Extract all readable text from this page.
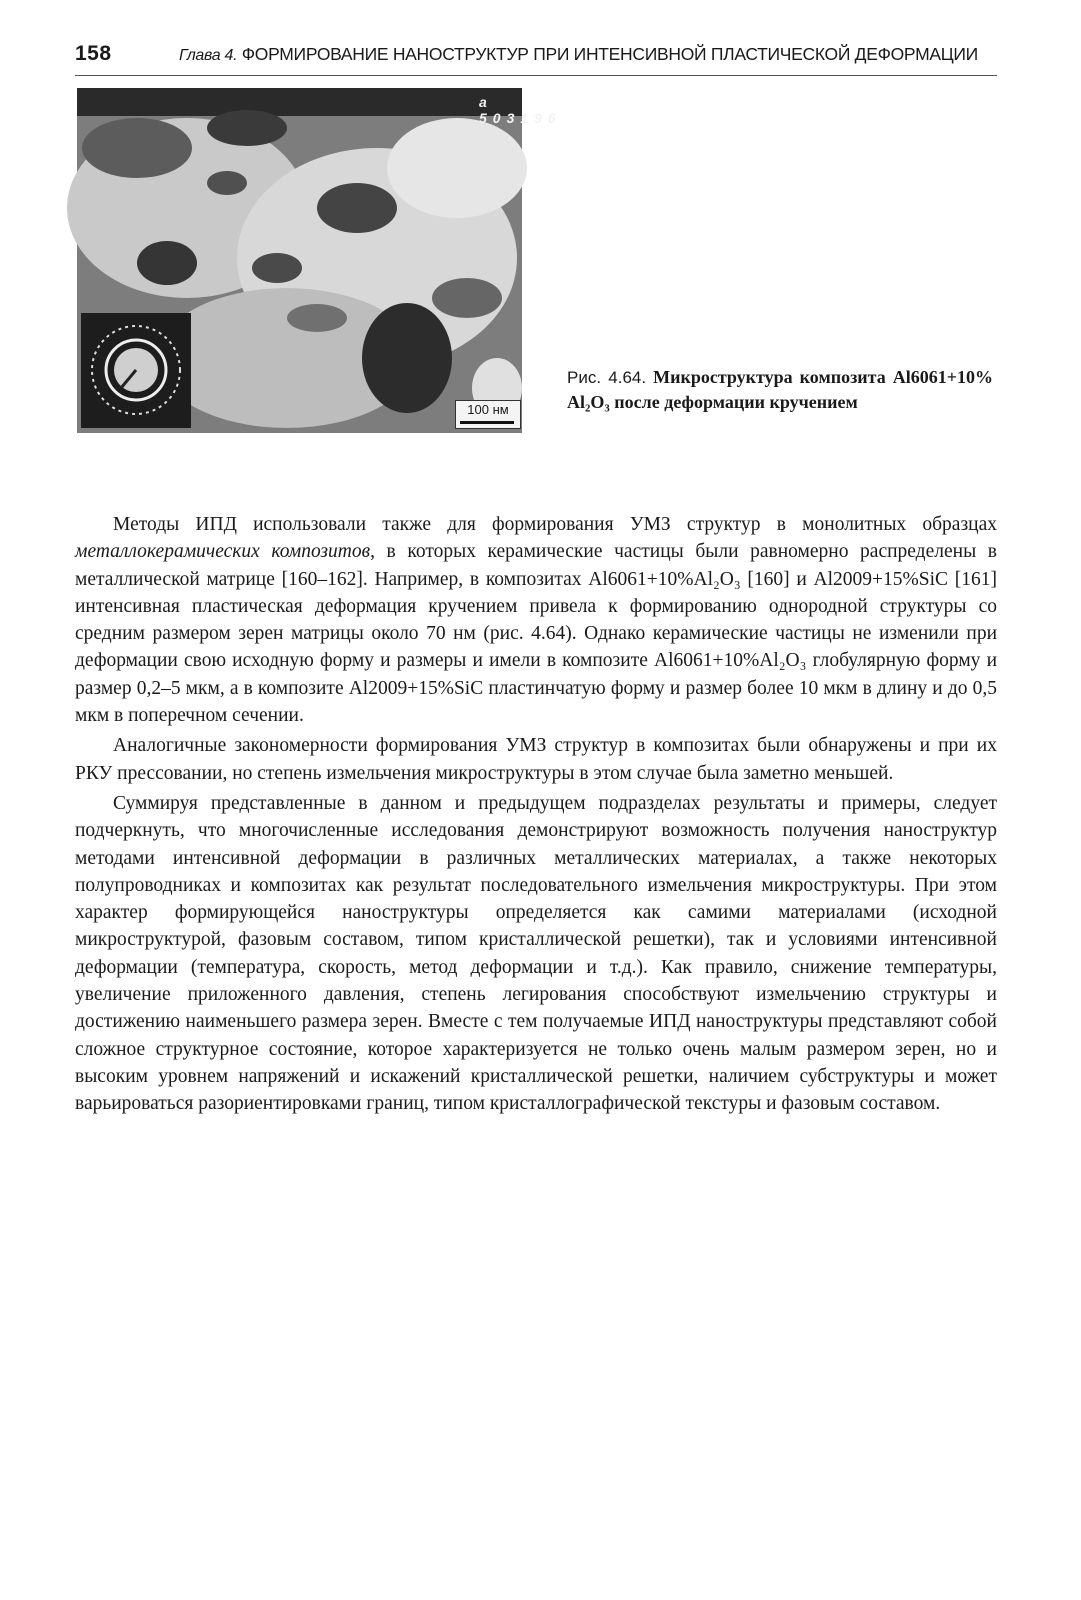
158	Глава 4. ФОРМИРОВАНИЕ НАНОСТРУКТУР ПРИ ИНТЕНСИВНОЙ ПЛАСТИЧЕСКОЙ ДЕФОРМАЦИИ
a 503196
100 нм
Рис. 4.64. Микроструктура композита Al6061+10% Al₂O₃ после деформации кручением

Методы ИПД использовали также для формирования УМЗ структур в монолитных образцах металлокерамических композитов, в которых керамические частицы были равномерно распределены в металлической матрице [160–162]. Например, в композитах Al6061+10%Al₂O₃ [160] и Al2009+15%SiC [161] интенсивная пластическая деформация кручением привела к формированию однородной структуры со средним размером зерен матрицы около 70 нм (рис. 4.64). Однако керамические частицы не изменили при деформации свою исходную форму и размеры и имели в композите Al6061+10%Al₂O₃ глобулярную форму и размер 0,2–5 мкм, а в композите Al2009+15%SiC пластинчатую форму и размер более 10 мкм в длину и до 0,5 мкм в поперечном сечении.

Аналогичные закономерности формирования УМЗ структур в композитах были обнаружены и при их РКУ прессовании, но степень измельчения микроструктуры в этом случае была заметно меньшей.

Суммируя представленные в данном и предыдущем подразделах результаты и примеры, следует подчеркнуть, что многочисленные исследования демонстрируют возможность получения наноструктур методами интенсивной деформации в различных металлических материалах, а также некоторых полупроводниках и композитах как результат последовательного измельчения микроструктуры. При этом характер формирующейся наноструктуры определяется как самими материалами (исходной микроструктурой, фазовым составом, типом кристаллической решетки), так и условиями интенсивной деформации (температура, скорость, метод деформации и т.д.). Как правило, снижение температуры, увеличение приложенного давления, степень легирования способствуют измельчению структуры и достижению наименьшего размера зерен. Вместе с тем получаемые ИПД наноструктуры представляют собой сложное структурное состояние, которое характеризуется не только очень малым размером зерен, но и высоким уровнем напряжений и искажений кристаллической решетки, наличием субструктуры и может варьироваться разориентировками границ, типом кристаллографической текстуры и фазовым составом.
